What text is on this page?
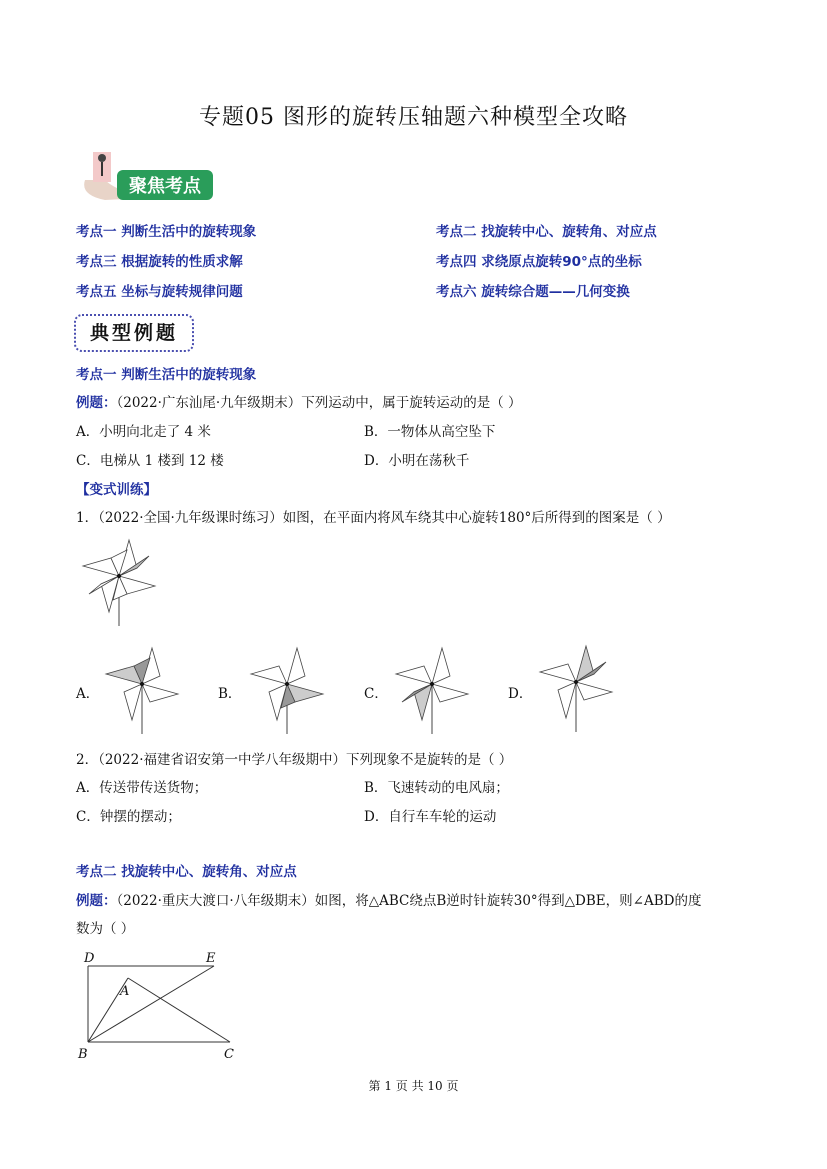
专题05 图形的旋转压轴题六种模型全攻略
聚焦考点
考点一 判断生活中的旋转现象	考点二 找旋转中心、旋转角、对应点
考点三 根据旋转的性质求解	考点四 求绕原点旋转90°点的坐标
考点五 坐标与旋转规律问题	考点六 旋转综合题——几何变换
典型例题
考点一 判断生活中的旋转现象
例题：（2022·广东汕尾·九年级期末）下列运动中，属于旋转运动的是（ ）
A．小明向北走了 4 米	B．一物体从高空坠下
C．电梯从 1 楼到 12 楼	D．小明在荡秋千
【变式训练】
1．（2022·全国·九年级课时练习）如图，在平面内将风车绕其中心旋转180°后所得到的图案是（ ）
A．	B．	C．	D．
2．（2022·福建省诏安第一中学八年级期中）下列现象不是旋转的是（ ）
A．传送带传送货物；	B．飞速转动的电风扇；
C．钟摆的摆动；	D．自行车车轮的运动
考点二 找旋转中心、旋转角、对应点
例题：（2022·重庆大渡口·八年级期末）如图，将△ABC绕点B逆时针旋转30°得到△DBE，则∠ABD的度
数为（ ）
D	E
A
B	C
第 1 页 共 10 页
